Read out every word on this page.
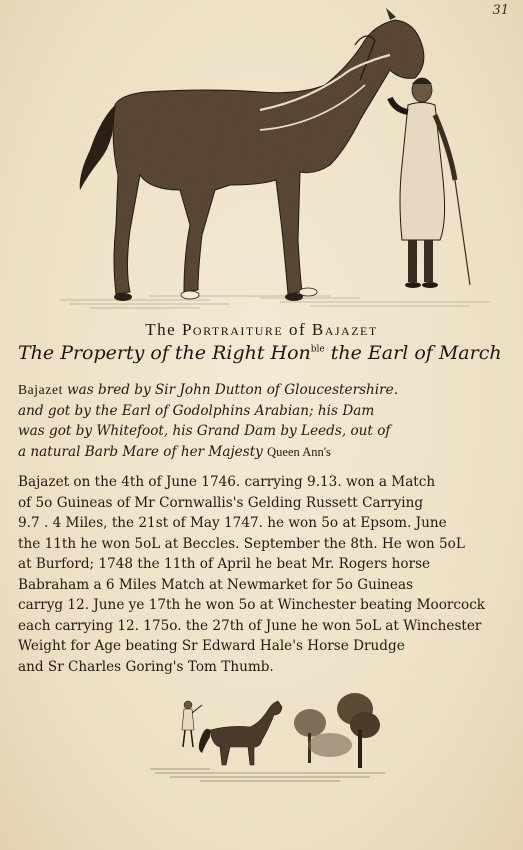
31
The Portraiture of Bajazet
The Property of the Right Hon$^{ble}$ the Earl of March
Bajazet was bred by Sir John Dutton of Gloucestershire.
and got by the Earl of Godolphins Arabian; his Dam
was got by Whitefoot, his Grand Dam by Leeds, out of
a natural Barb Mare of her Majesty Queen Ann's
Bajazet on the 4th of June 1746. carrying 9.13. won a Match
of 5o Guineas of Mr Cornwallis's Gelding Russett Carrying
9.7 . 4 Miles, the 21st of May 1747. he won 5o at Epsom. June
the 11th he won 5oL at Beccles. September the 8th. He won 5oL
at Burford; 1748 the 11th of April he beat Mr. Rogers horse
Babraham a 6 Miles Match at Newmarket for 5o Guineas
carryg 12. June ye 17th he won 5o at Winchester beating Moorcock
each carrying 12. 175o. the 27th of June he won 5oL at Winchester
Weight for Age beating Sr Edward Hale's Horse Drudge
and Sr Charles Goring's Tom Thumb.
